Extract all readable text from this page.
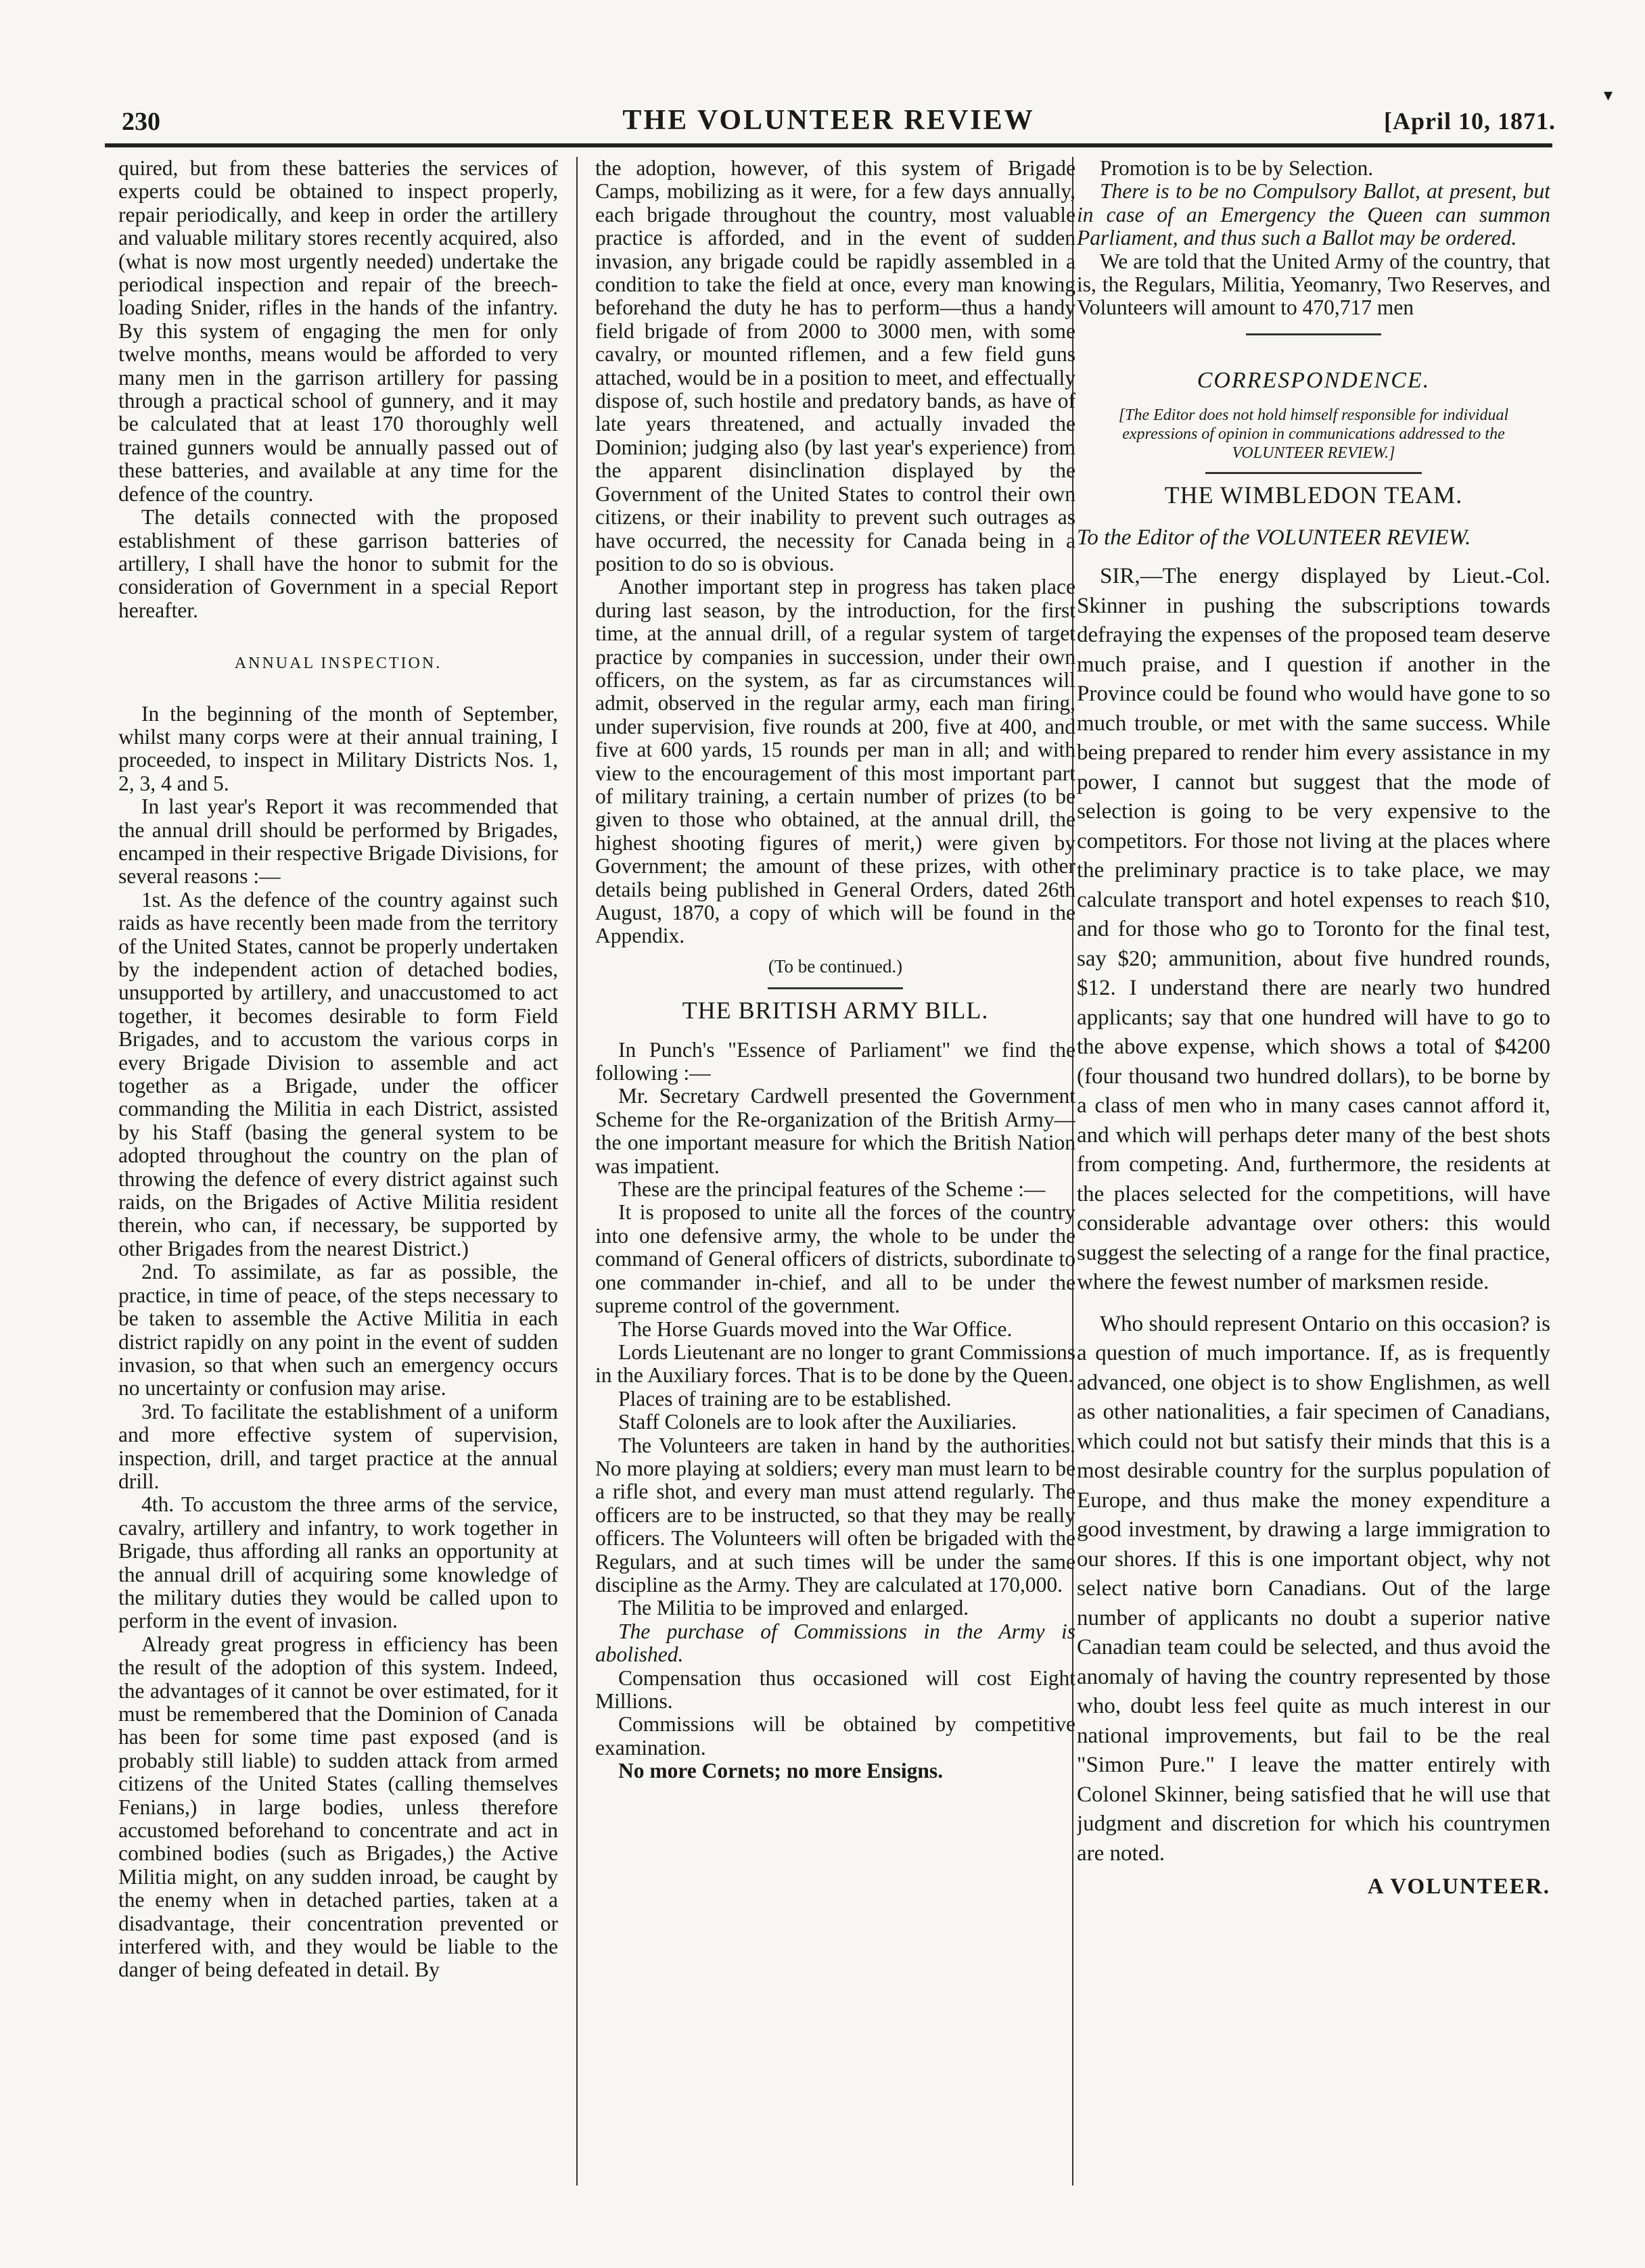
230	THE VOLUNTEER REVIEW	[April 10, 1871.
▾

quired, but from these batteries the services of experts could be obtained to inspect properly, repair periodically, and keep in order the artillery and valuable military stores recently acquired, also (what is now most urgently needed) undertake the periodical inspection and repair of the breech-loading Snider, rifles in the hands of the infantry. By this system of engaging the men for only twelve months, means would be afforded to very many men in the garrison artillery for passing through a practical school of gunnery, and it may be calculated that at least 170 thoroughly well trained gunners would be annually passed out of these batteries, and available at any time for the defence of the country.

The details connected with the proposed establishment of these garrison batteries of artillery, I shall have the honor to submit for the consideration of Government in a special Report hereafter.

ANNUAL INSPECTION.

In the beginning of the month of September, whilst many corps were at their annual training, I proceeded, to inspect in Military Districts Nos. 1, 2, 3, 4 and 5.

In last year's Report it was recommended that the annual drill should be performed by Brigades, encamped in their respective Brigade Divisions, for several reasons :—

1st. As the defence of the country against such raids as have recently been made from the territory of the United States, cannot be properly undertaken by the independent action of detached bodies, unsupported by artillery, and unaccustomed to act together, it becomes desirable to form Field Brigades, and to accustom the various corps in every Brigade Division to assemble and act together as a Brigade, under the officer commanding the Militia in each District, assisted by his Staff (basing the general system to be adopted throughout the country on the plan of throwing the defence of every district against such raids, on the Brigades of Active Militia resident therein, who can, if necessary, be supported by other Brigades from the nearest District.)

2nd. To assimilate, as far as possible, the practice, in time of peace, of the steps necessary to be taken to assemble the Active Militia in each district rapidly on any point in the event of sudden invasion, so that when such an emergency occurs no uncertainty or confusion may arise.

3rd. To facilitate the establishment of a uniform and more effective system of supervision, inspection, drill, and target practice at the annual drill.

4th. To accustom the three arms of the service, cavalry, artillery and infantry, to work together in Brigade, thus affording all ranks an opportunity at the annual drill of acquiring some knowledge of the military duties they would be called upon to perform in the event of invasion.

Already great progress in efficiency has been the result of the adoption of this system. Indeed, the advantages of it cannot be over estimated, for it must be remembered that the Dominion of Canada has been for some time past exposed (and is probably still liable) to sudden attack from armed citizens of the United States (calling themselves Fenians,) in large bodies, unless therefore accustomed beforehand to concentrate and act in combined bodies (such as Brigades,) the Active Militia might, on any sudden inroad, be caught by the enemy when in detached parties, taken at a disadvantage, their concentration prevented or interfered with, and they would be liable to the danger of being defeated in detail. By

the adoption, however, of this system of Brigade Camps, mobilizing as it were, for a few days annually, each brigade throughout the country, most valuable practice is afforded, and in the event of sudden invasion, any brigade could be rapidly assembled in a condition to take the field at once, every man knowing beforehand the duty he has to perform—thus a handy field brigade of from 2000 to 3000 men, with some cavalry, or mounted riflemen, and a few field guns attached, would be in a position to meet, and effectually dispose of, such hostile and predatory bands, as have of late years threatened, and actually invaded the Dominion; judging also (by last year's experience) from the apparent disinclination displayed by the Government of the United States to control their own citizens, or their inability to prevent such outrages as have occurred, the necessity for Canada being in a position to do so is obvious.

Another important step in progress has taken place during last season, by the introduction, for the first time, at the annual drill, of a regular system of target practice by companies in succession, under their own officers, on the system, as far as circumstances will admit, observed in the regular army, each man firing, under supervision, five rounds at 200, five at 400, and five at 600 yards, 15 rounds per man in all; and with view to the encouragement of this most important part of military training, a certain number of prizes (to be given to those who obtained, at the annual drill, the highest shooting figures of merit,) were given by Government; the amount of these prizes, with other details being published in General Orders, dated 26th August, 1870, a copy of which will be found in the Appendix.

(To be continued.)
THE BRITISH ARMY BILL.

In Punch's "Essence of Parliament" we find the following :—

Mr. Secretary Cardwell presented the Government Scheme for the Re-organization of the British Army—the one important measure for which the British Nation was impatient.

These are the principal features of the Scheme :—

It is proposed to unite all the forces of the country into one defensive army, the whole to be under the command of General officers of districts, subordinate to one commander in-chief, and all to be under the supreme control of the government.

The Horse Guards moved into the War Office.

Lords Lieutenant are no longer to grant Commissions in the Auxiliary forces. That is to be done by the Queen.

Places of training are to be established.

Staff Colonels are to look after the Auxiliaries.

The Volunteers are taken in hand by the authorities. No more playing at soldiers; every man must learn to be a rifle shot, and every man must attend regularly. The officers are to be instructed, so that they may be really officers. The Volunteers will often be brigaded with the Regulars, and at such times will be under the same discipline as the Army. They are calculated at 170,000.

The Militia to be improved and enlarged.

The purchase of Commissions in the Army is abolished.

Compensation thus occasioned will cost Eight Millions.

Commissions will be obtained by competitive examination.

No more Cornets; no more Ensigns.

Promotion is to be by Selection.

There is to be no Compulsory Ballot, at present, but in case of an Emergency the Queen can summon Parliament, and thus such a Ballot may be ordered.

We are told that the United Army of the country, that is, the Regulars, Militia, Yeomanry, Two Reserves, and Volunteers will amount to 470,717 men

CORRESPONDENCE.
[The Editor does not hold himself responsible for individual expressions of opinion in communications addressed to the VOLUNTEER REVIEW.]
THE WIMBLEDON TEAM.

To the Editor of the VOLUNTEER REVIEW.

SIR,—The energy displayed by Lieut.-Col. Skinner in pushing the subscriptions towards defraying the expenses of the proposed team deserve much praise, and I question if another in the Province could be found who would have gone to so much trouble, or met with the same success. While being prepared to render him every assistance in my power, I cannot but suggest that the mode of selection is going to be very expensive to the competitors. For those not living at the places where the preliminary practice is to take place, we may calculate transport and hotel expenses to reach $10, and for those who go to Toronto for the final test, say $20; ammunition, about five hundred rounds, $12. I understand there are nearly two hundred applicants; say that one hundred will have to go to the above expense, which shows a total of $4200 (four thousand two hundred dollars), to be borne by a class of men who in many cases cannot afford it, and which will perhaps deter many of the best shots from competing. And, furthermore, the residents at the places selected for the competitions, will have considerable advantage over others: this would suggest the selecting of a range for the final practice, where the fewest number of marksmen reside.

Who should represent Ontario on this occasion? is a question of much importance. If, as is frequently advanced, one object is to show Englishmen, as well as other nationalities, a fair specimen of Canadians, which could not but satisfy their minds that this is a most desirable country for the surplus population of Europe, and thus make the money expenditure a good investment, by drawing a large immigration to our shores. If this is one important object, why not select native born Canadians. Out of the large number of applicants no doubt a superior native Canadian team could be selected, and thus avoid the anomaly of having the country represented by those who, doubt less feel quite as much interest in our national improvements, but fail to be the real "Simon Pure." I leave the matter entirely with Colonel Skinner, being satisfied that he will use that judgment and discretion for which his countrymen are noted.

A VOLUNTEER.
